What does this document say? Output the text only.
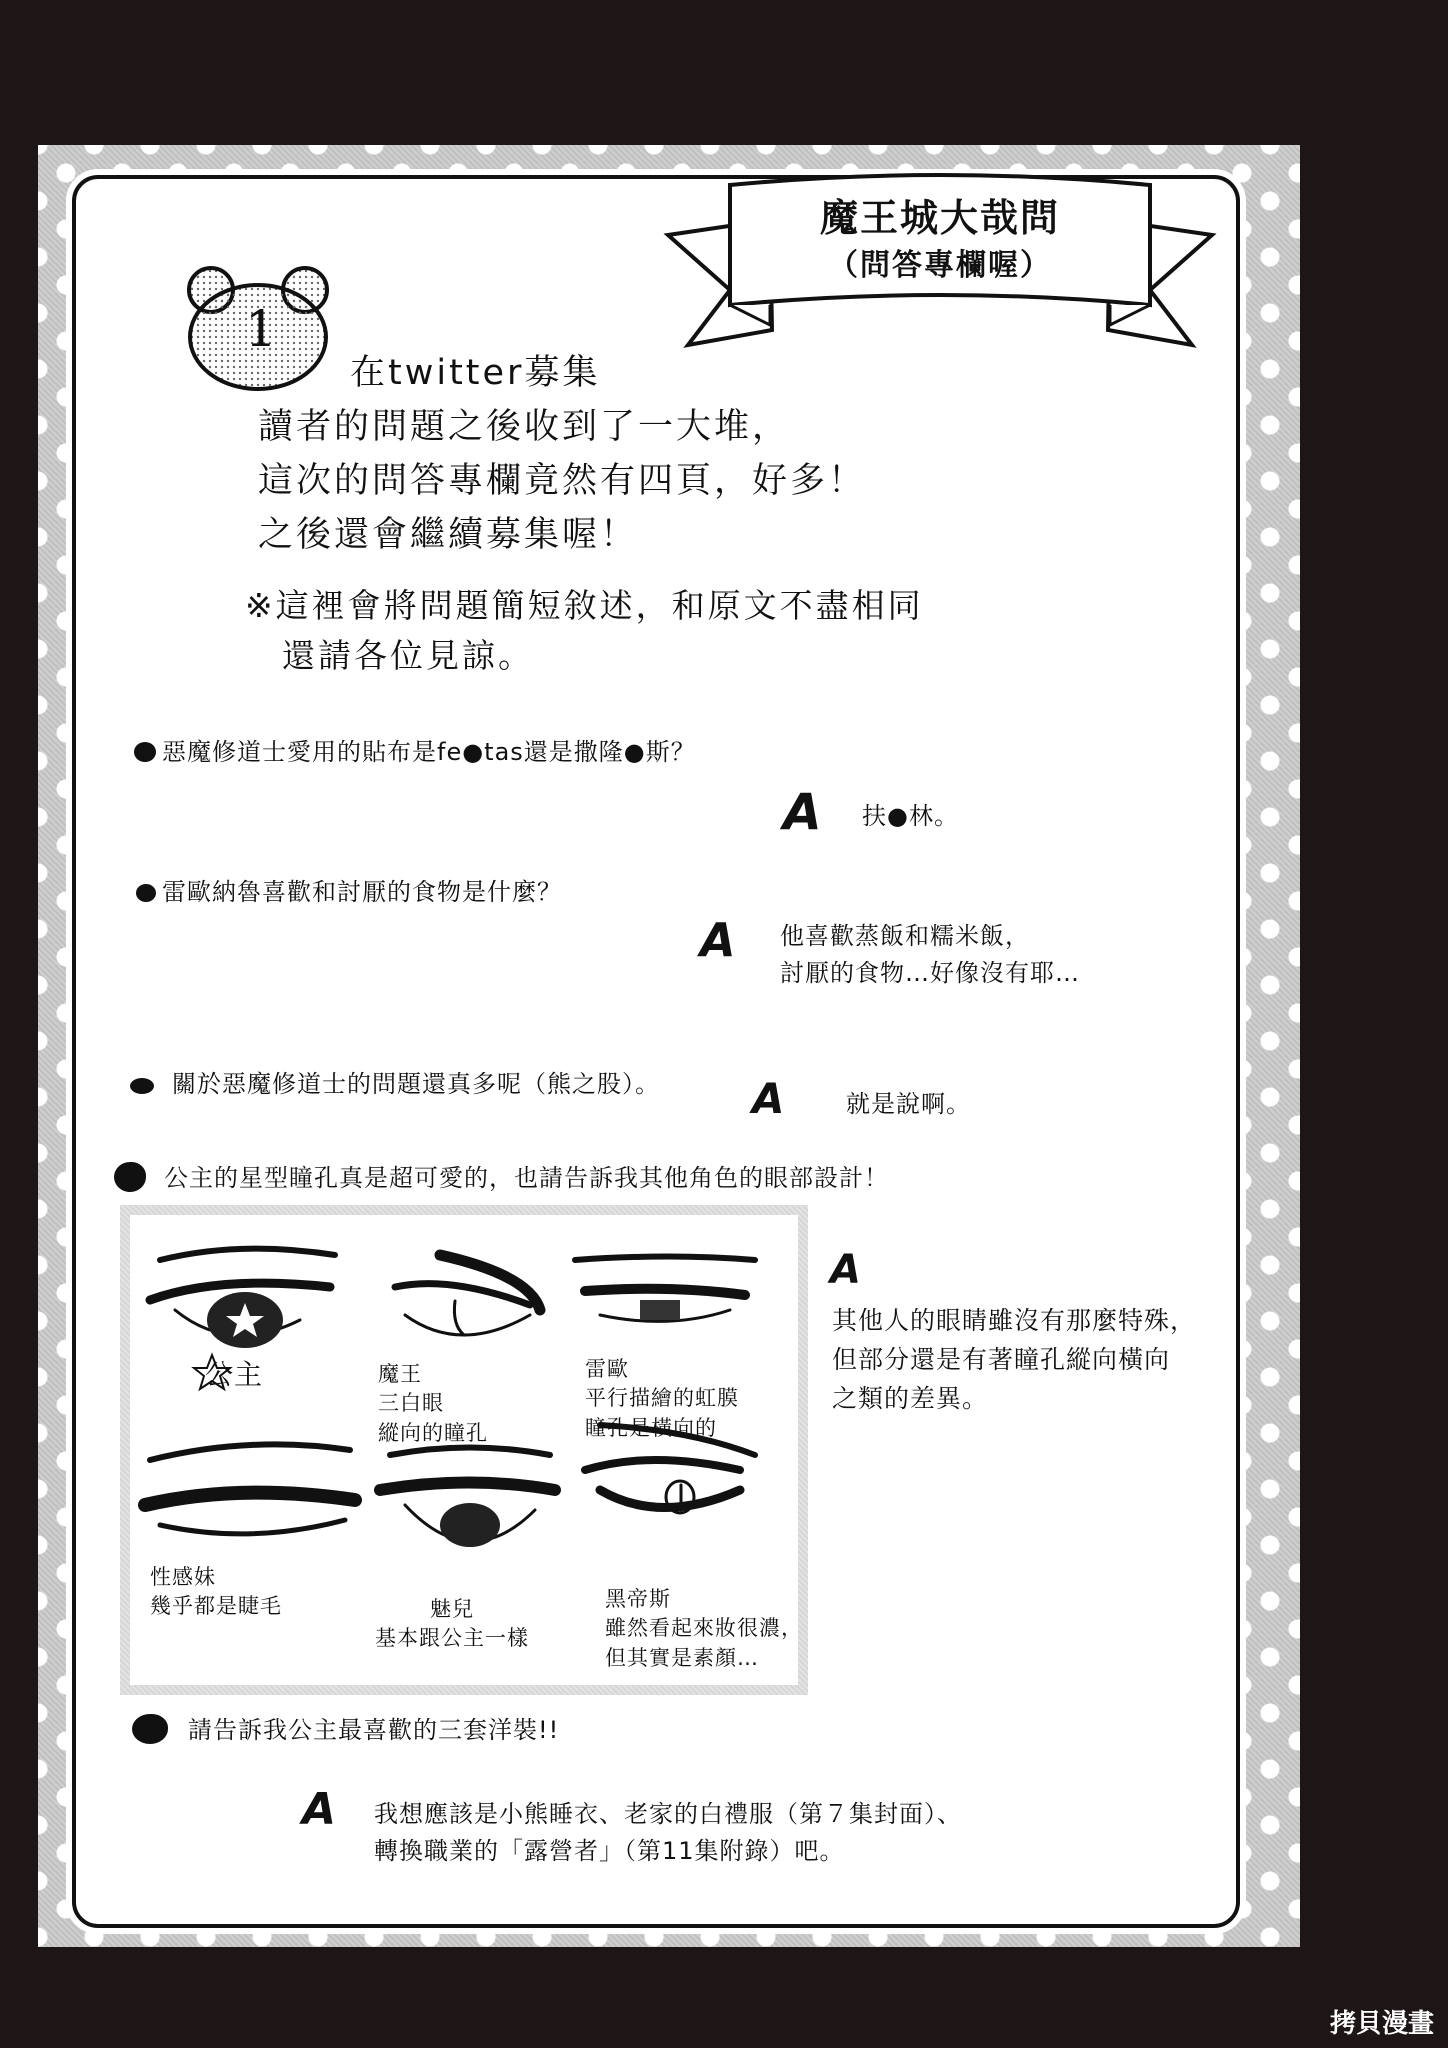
魔王城大哉問
（問答專欄喔）
1
在twitter募集
讀者的問題之後收到了一大堆，
這次的問答專欄竟然有四頁，好多！
之後還會繼續募集喔！
※這裡會將問題簡短敘述，和原文不盡相同
還請各位見諒。
惡魔修道士愛用的貼布是fe●tas還是撒隆●斯？
A 扶●林。
雷歐納魯喜歡和討厭的食物是什麼？
A 他喜歡蒸飯和糯米飯，
討厭的食物…好像沒有耶…
關於惡魔修道士的問題還真多呢（熊之股）。 A	就是說啊。
公主的星型瞳孔真是超可愛的，也請告訴我其他角色的眼部設計！
公主	魔王
三白眼
縱向的瞳孔
雷歐
平行描繪的虹膜
瞳孔是橫向的
性感妹
幾乎都是睫毛	魅兒
基本跟公主一樣
黑帝斯
雖然看起來妝很濃，
但其實是素顏…
A
其他人的眼睛雖沒有那麼特殊，
但部分還是有著瞳孔縱向橫向
之類的差異。
請告訴我公主最喜歡的三套洋裝!!
A 我想應該是小熊睡衣、老家的白禮服（第７集封面）、
轉換職業的「露營者」（第11集附錄）吧。
拷貝漫畫
